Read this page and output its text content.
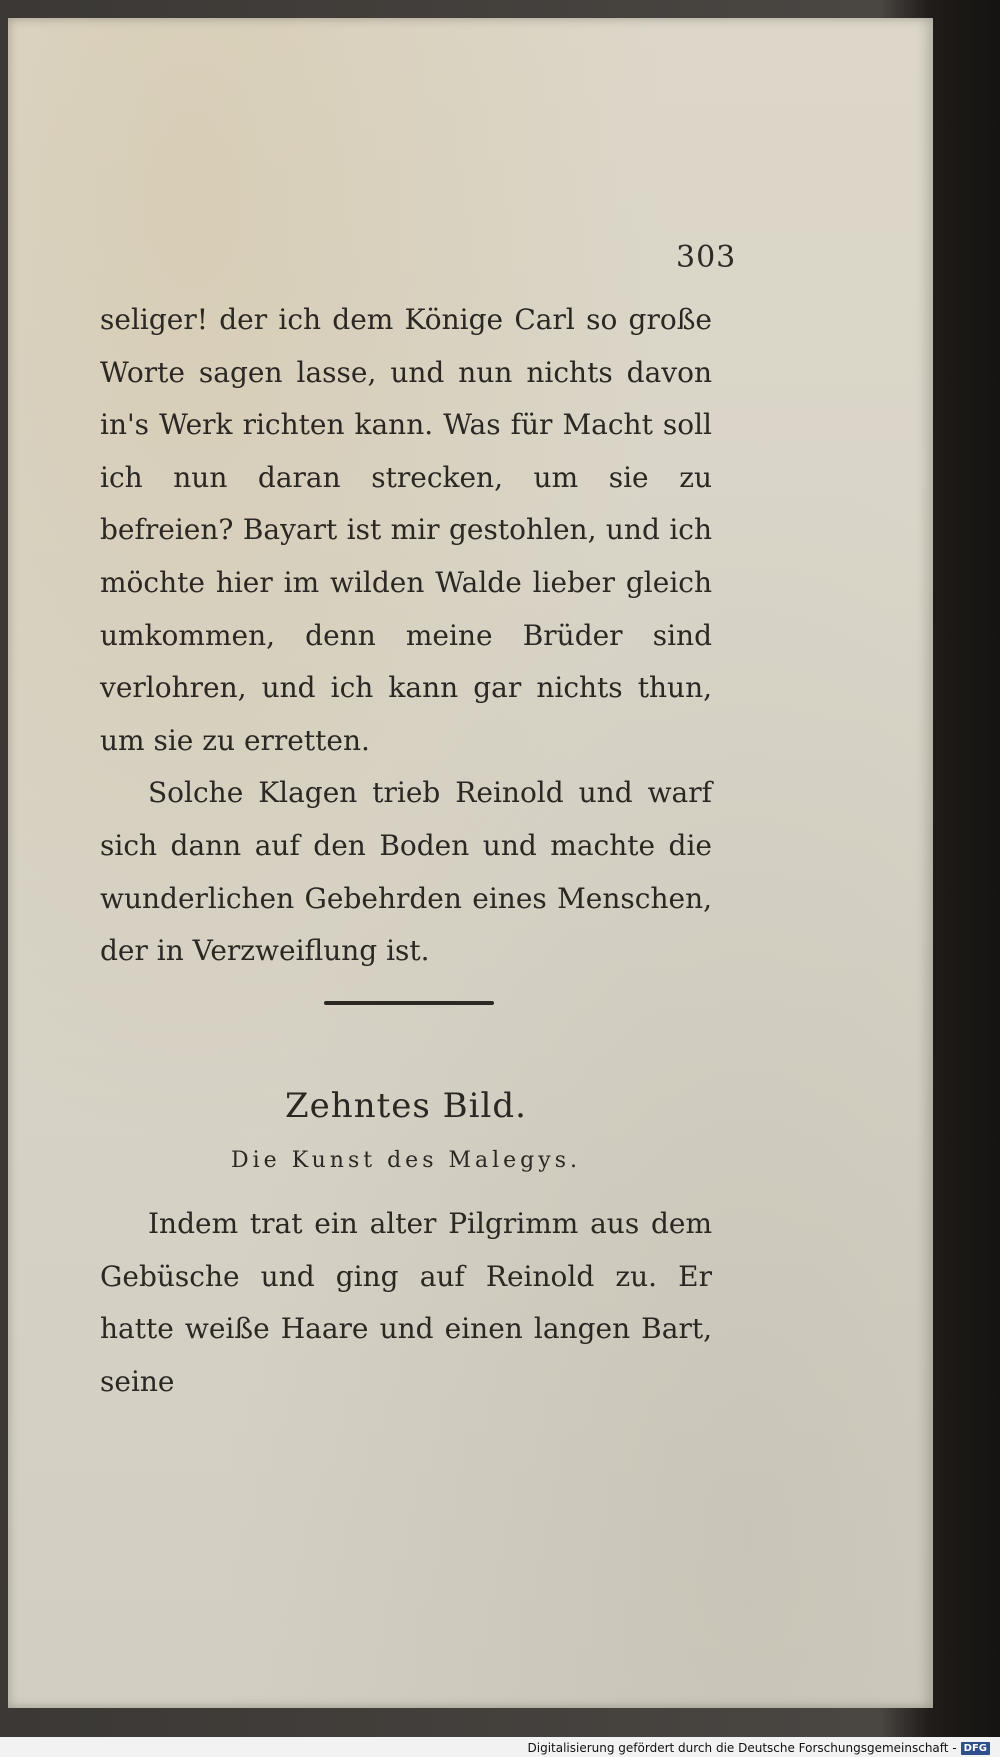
303

seliger! der ich dem Könige Carl so große Worte sagen lasse, und nun nichts davon in's Werk richten kann. Was für Macht soll ich nun daran strecken, um sie zu befreien? Bayart ist mir gestohlen, und ich möchte hier im wilden Walde lieber gleich umkommen, denn meine Brüder sind verlohren, und ich kann gar nichts thun, um sie zu erretten.

Solche Klagen trieb Reinold und warf sich dann auf den Boden und machte die wunderlichen Gebehrden eines Menschen, der in Verzweiflung ist.

Zehntes Bild.
Die Kunst des Malegys.

Indem trat ein alter Pilgrimm aus dem Gebüsche und ging auf Reinold zu. Er hatte weiße Haare und einen langen Bart, seine

Digitalisierung gefördert durch die Deutsche Forschungsgemeinschaft - DFG
